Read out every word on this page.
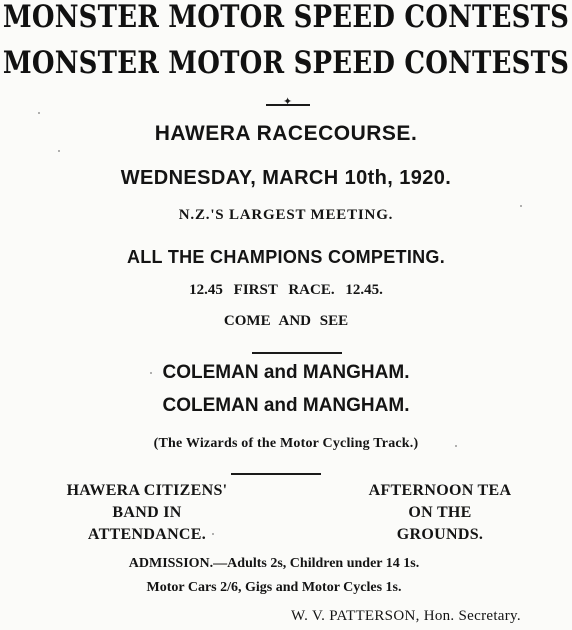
MONSTER MOTOR SPEED CONTESTS
MONSTER MOTOR SPEED CONTESTS
✦
HAWERA RACECOURSE.
WEDNESDAY, MARCH 10th, 1920.
N.Z.'S LARGEST MEETING.
ALL THE CHAMPIONS COMPETING.
12.45 FIRST RACE. 12.45.
COME AND SEE
COLEMAN and MANGHAM.
COLEMAN and MANGHAM.
(The Wizards of the Motor Cycling Track.)
HAWERA CITIZENS'
BAND IN
ATTENDANCE.
AFTERNOON TEA
ON THE
GROUNDS.
ADMISSION.—Adults 2s, Children under 14 1s.
Motor Cars 2/6, Gigs and Motor Cycles 1s.
W. V. PATTERSON, Hon. Secretary.
